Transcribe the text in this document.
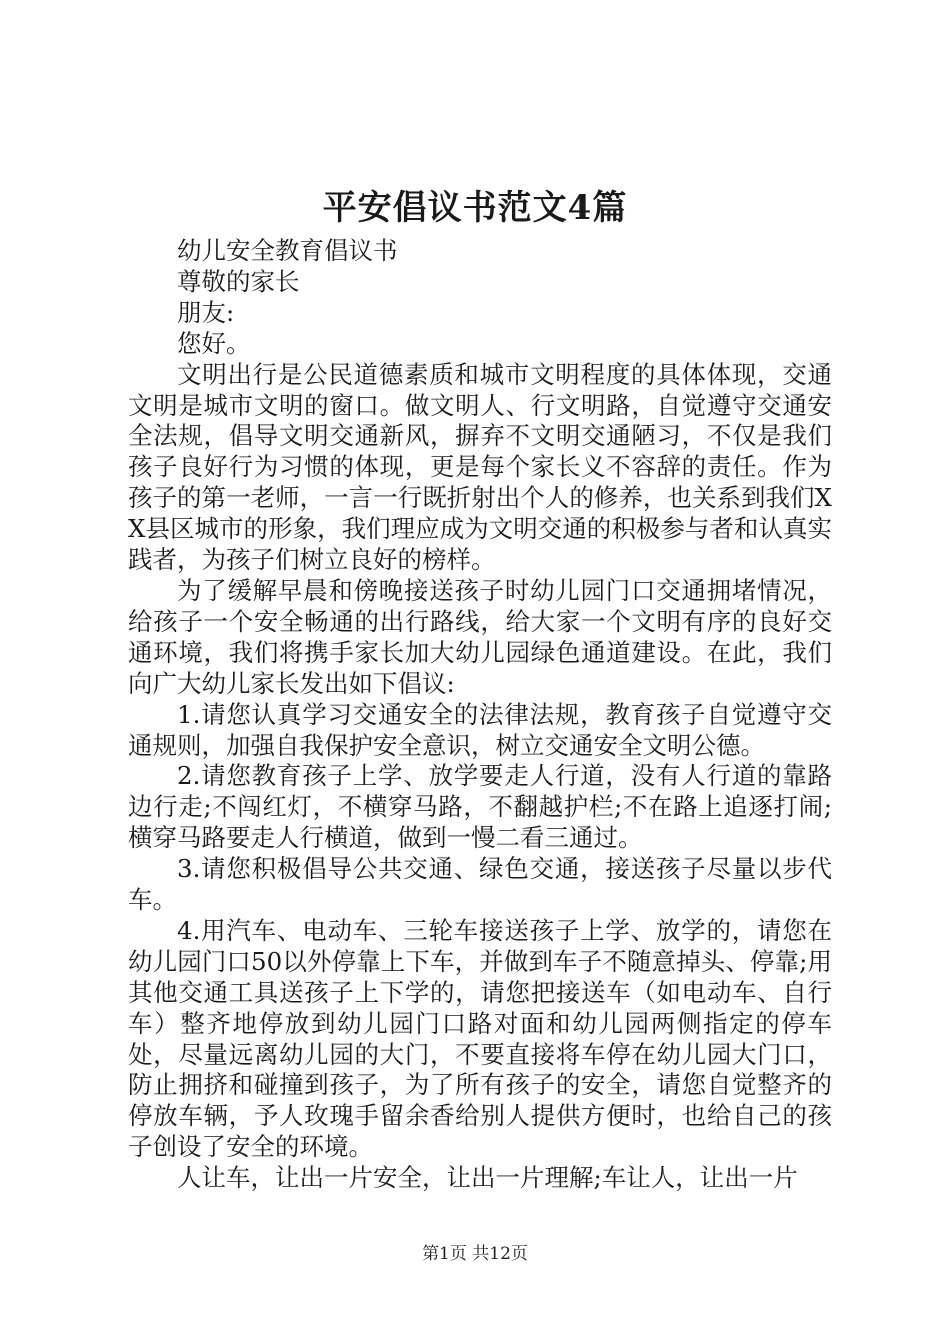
平安倡议书范文4篇

幼儿安全教育倡议书

尊敬的家长

朋友:

您好。

文明出行是公民道德素质和城市文明程度的具体体现，交通文明是城市文明的窗口。做文明人、行文明路，自觉遵守交通安全法规，倡导文明交通新风，摒弃不文明交通陋习，不仅是我们孩子良好行为习惯的体现，更是每个家长义不容辞的责任。作为孩子的第一老师，一言一行既折射出个人的修养，也关系到我们XX县区城市的形象，我们理应成为文明交通的积极参与者和认真实践者，为孩子们树立良好的榜样。

为了缓解早晨和傍晚接送孩子时幼儿园门口交通拥堵情况，给孩子一个安全畅通的出行路线，给大家一个文明有序的良好交通环境，我们将携手家长加大幼儿园绿色通道建设。在此，我们向广大幼儿家长发出如下倡议:

1.请您认真学习交通安全的法律法规，教育孩子自觉遵守交通规则，加强自我保护安全意识，树立交通安全文明公德。

2.请您教育孩子上学、放学要走人行道，没有人行道的靠路边行走;不闯红灯，不横穿马路，不翻越护栏;不在路上追逐打闹;横穿马路要走人行横道，做到一慢二看三通过。

3.请您积极倡导公共交通、绿色交通，接送孩子尽量以步代车。

4.用汽车、电动车、三轮车接送孩子上学、放学的，请您在幼儿园门口50以外停靠上下车，并做到车子不随意掉头、停靠;用其他交通工具送孩子上下学的，请您把接送车（如电动车、自行车）整齐地停放到幼儿园门口路对面和幼儿园两侧指定的停车处，尽量远离幼儿园的大门，不要直接将车停在幼儿园大门口，防止拥挤和碰撞到孩子，为了所有孩子的安全，请您自觉整齐的停放车辆，予人玫瑰手留余香给别人提供方便时，也给自己的孩子创设了安全的环境。

人让车，让出一片安全，让出一片理解;车让人，让出一片

第1页 共12页
